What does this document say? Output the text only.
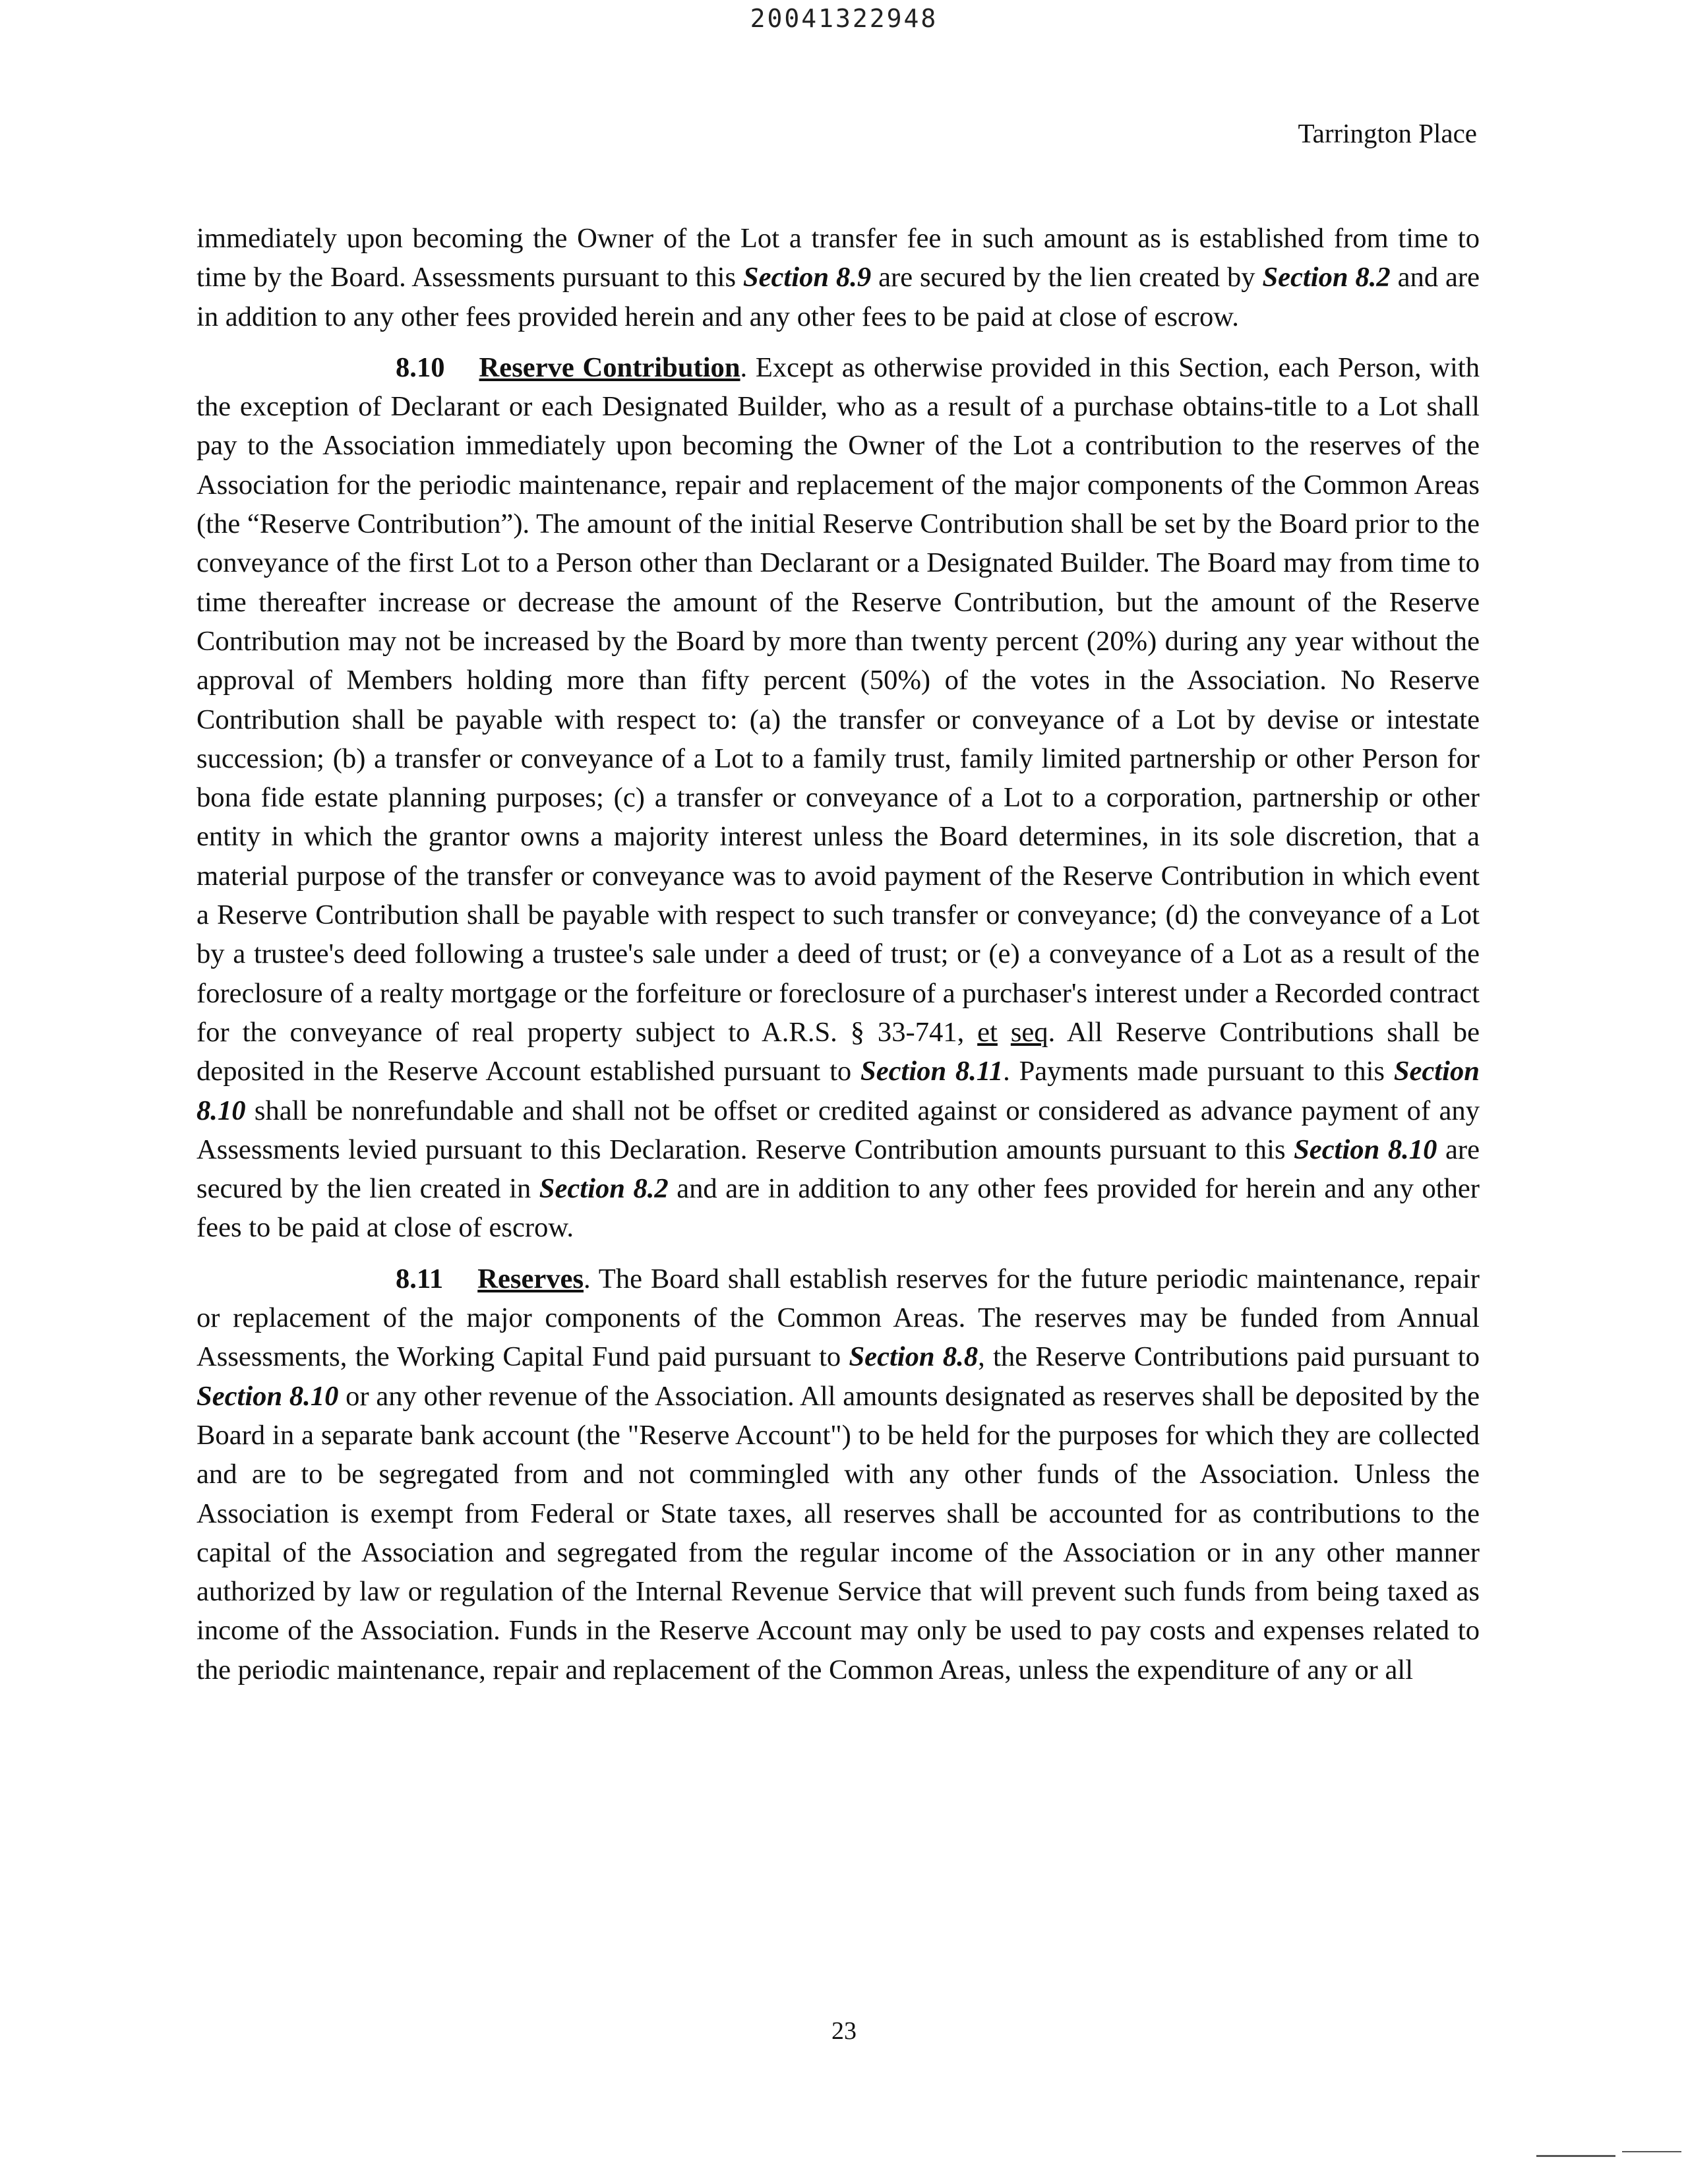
20041322948
Tarrington Place

immediately upon becoming the Owner of the Lot a transfer fee in such amount as is established from time to time by the Board. Assessments pursuant to this Section 8.9 are secured by the lien created by Section 8.2 and are in addition to any other fees provided herein and any other fees to be paid at close of escrow.

8.10 Reserve Contribution. Except as otherwise provided in this Section, each Person, with the exception of Declarant or each Designated Builder, who as a result of a purchase obtains-title to a Lot shall pay to the Association immediately upon becoming the Owner of the Lot a contribution to the reserves of the Association for the periodic maintenance, repair and replacement of the major components of the Common Areas (the “Reserve Contribution”). The amount of the initial Reserve Contribution shall be set by the Board prior to the conveyance of the first Lot to a Person other than Declarant or a Designated Builder. The Board may from time to time thereafter increase or decrease the amount of the Reserve Contribution, but the amount of the Reserve Contribution may not be increased by the Board by more than twenty percent (20%) during any year without the approval of Members holding more than fifty percent (50%) of the votes in the Association. No Reserve Contribution shall be payable with respect to: (a) the transfer or conveyance of a Lot by devise or intestate succession; (b) a transfer or conveyance of a Lot to a family trust, family limited partnership or other Person for bona fide estate planning purposes; (c) a transfer or conveyance of a Lot to a corporation, partnership or other entity in which the grantor owns a majority interest unless the Board determines, in its sole discretion, that a material purpose of the transfer or conveyance was to avoid payment of the Reserve Contribution in which event a Reserve Contribution shall be payable with respect to such transfer or conveyance; (d) the conveyance of a Lot by a trustee's deed following a trustee's sale under a deed of trust; or (e) a conveyance of a Lot as a result of the foreclosure of a realty mortgage or the forfeiture or foreclosure of a purchaser's interest under a Recorded contract for the conveyance of real property subject to A.R.S. § 33-741, et seq. All Reserve Contributions shall be deposited in the Reserve Account established pursuant to Section 8.11. Payments made pursuant to this Section 8.10 shall be nonrefundable and shall not be offset or credited against or considered as advance payment of any Assessments levied pursuant to this Declaration. Reserve Contribution amounts pursuant to this Section 8.10 are secured by the lien created in Section 8.2 and are in addition to any other fees provided for herein and any other fees to be paid at close of escrow.

8.11 Reserves. The Board shall establish reserves for the future periodic maintenance, repair or replacement of the major components of the Common Areas. The reserves may be funded from Annual Assessments, the Working Capital Fund paid pursuant to Section 8.8, the Reserve Contributions paid pursuant to Section 8.10 or any other revenue of the Association. All amounts designated as reserves shall be deposited by the Board in a separate bank account (the "Reserve Account") to be held for the purposes for which they are collected and are to be segregated from and not commingled with any other funds of the Association. Unless the Association is exempt from Federal or State taxes, all reserves shall be accounted for as contributions to the capital of the Association and segregated from the regular income of the Association or in any other manner authorized by law or regulation of the Internal Revenue Service that will prevent such funds from being taxed as income of the Association. Funds in the Reserve Account may only be used to pay costs and expenses related to the periodic maintenance, repair and replacement of the Common Areas, unless the expenditure of any or all

23
